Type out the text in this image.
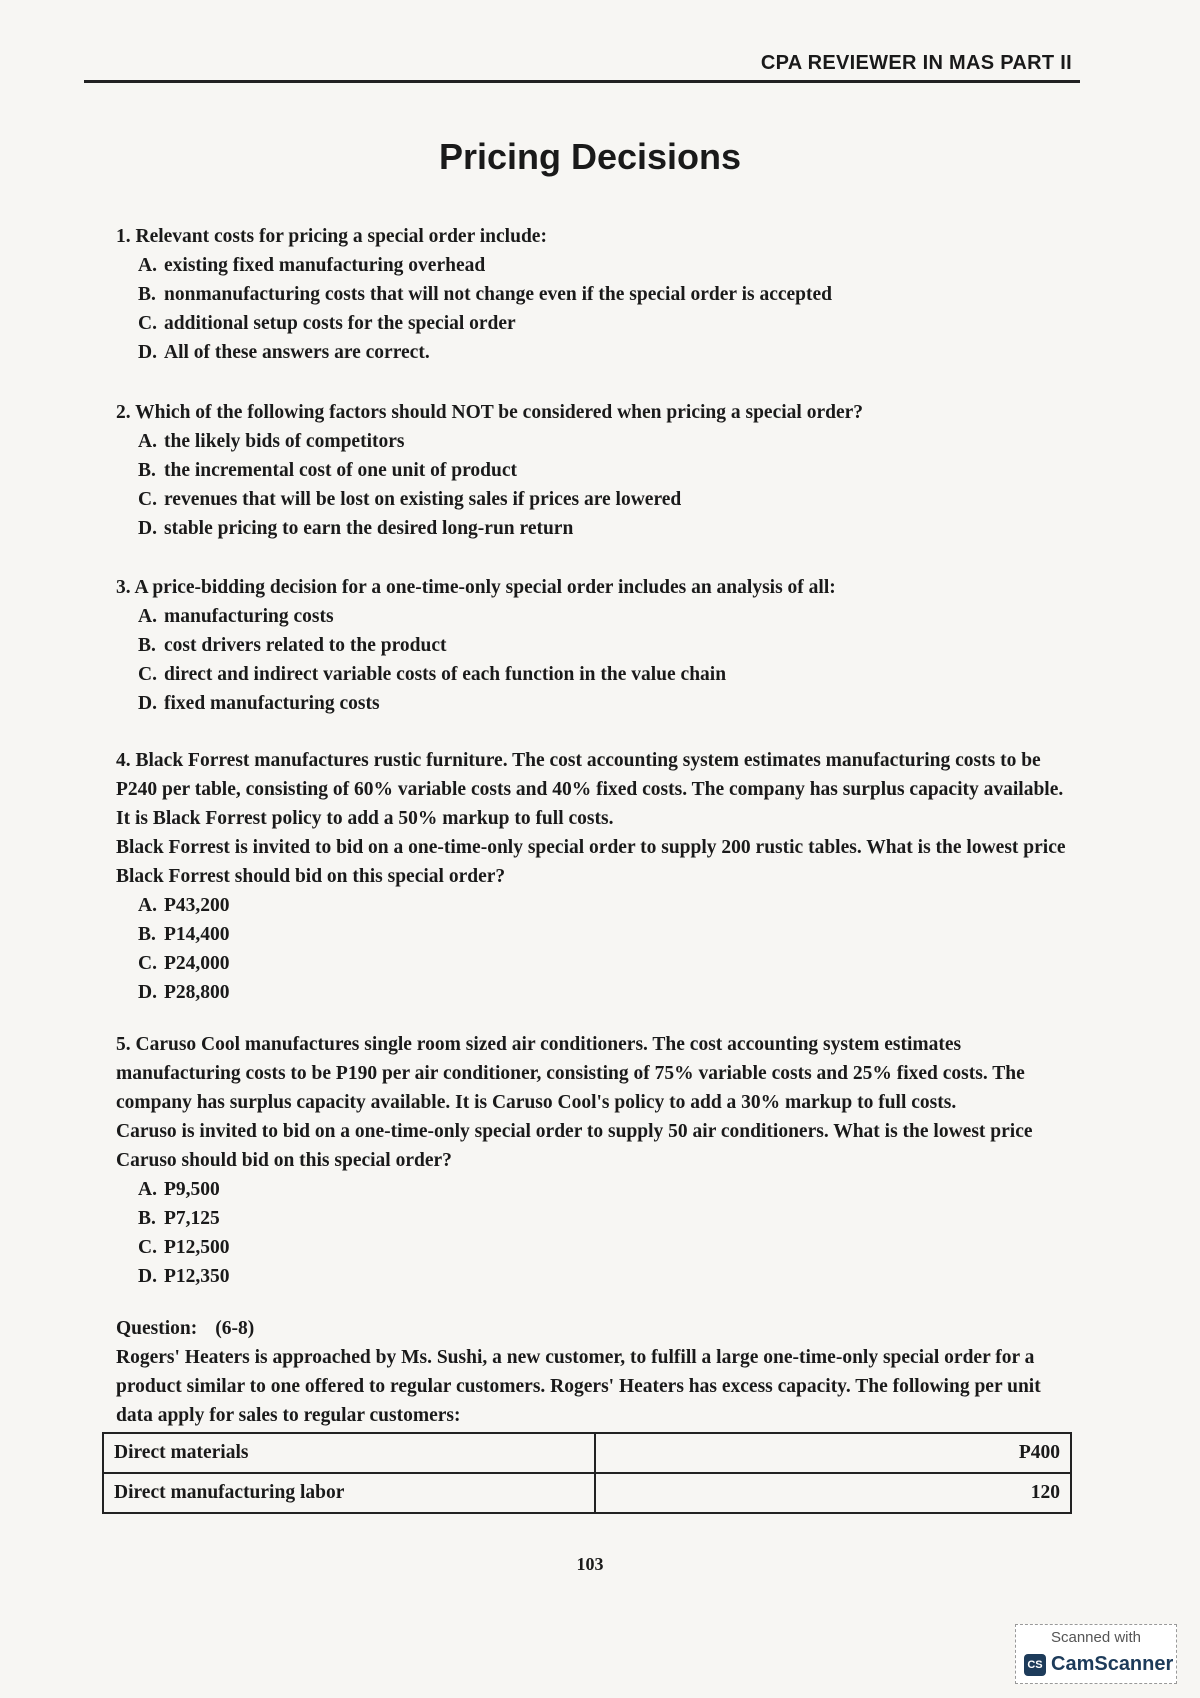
CPA REVIEWER IN MAS PART II
Pricing Decisions

1. Relevant costs for pricing a special order include:

A. existing fixed manufacturing overhead
B. nonmanufacturing costs that will not change even if the special order is accepted
C. additional setup costs for the special order
D. All of these answers are correct.

2. Which of the following factors should NOT be considered when pricing a special order?

A. the likely bids of competitors
B. the incremental cost of one unit of product
C. revenues that will be lost on existing sales if prices are lowered
D. stable pricing to earn the desired long-run return

3. A price-bidding decision for a one-time-only special order includes an analysis of all:

A. manufacturing costs
B. cost drivers related to the product
C. direct and indirect variable costs of each function in the value chain
D. fixed manufacturing costs

4. Black Forrest manufactures rustic furniture. The cost accounting system estimates manufacturing costs to be P240 per table, consisting of 60% variable costs and 40% fixed costs. The company has surplus capacity available. It is Black Forrest policy to add a 50% markup to full costs.

Black Forrest is invited to bid on a one-time-only special order to supply 200 rustic tables. What is the lowest price Black Forrest should bid on this special order?

A. P43,200
B. P14,400
C. P24,000
D. P28,800

5. Caruso Cool manufactures single room sized air conditioners. The cost accounting system estimates manufacturing costs to be P190 per air conditioner, consisting of 75% variable costs and 25% fixed costs. The company has surplus capacity available. It is Caruso Cool's policy to add a 30% markup to full costs.

Caruso is invited to bid on a one-time-only special order to supply 50 air conditioners. What is the lowest price Caruso should bid on this special order?

A. P9,500
B. P7,125
C. P12,500
D. P12,350
Question: (6-8)
Rogers' Heaters is approached by Ms. Sushi, a new customer, to fulfill a large one-time-only special order for a product similar to one offered to regular customers. Rogers' Heaters has excess capacity. The following per unit data apply for sales to regular customers:
Direct materials	P400
Direct manufacturing labor	120
103
Scanned with
CS CamScanner
